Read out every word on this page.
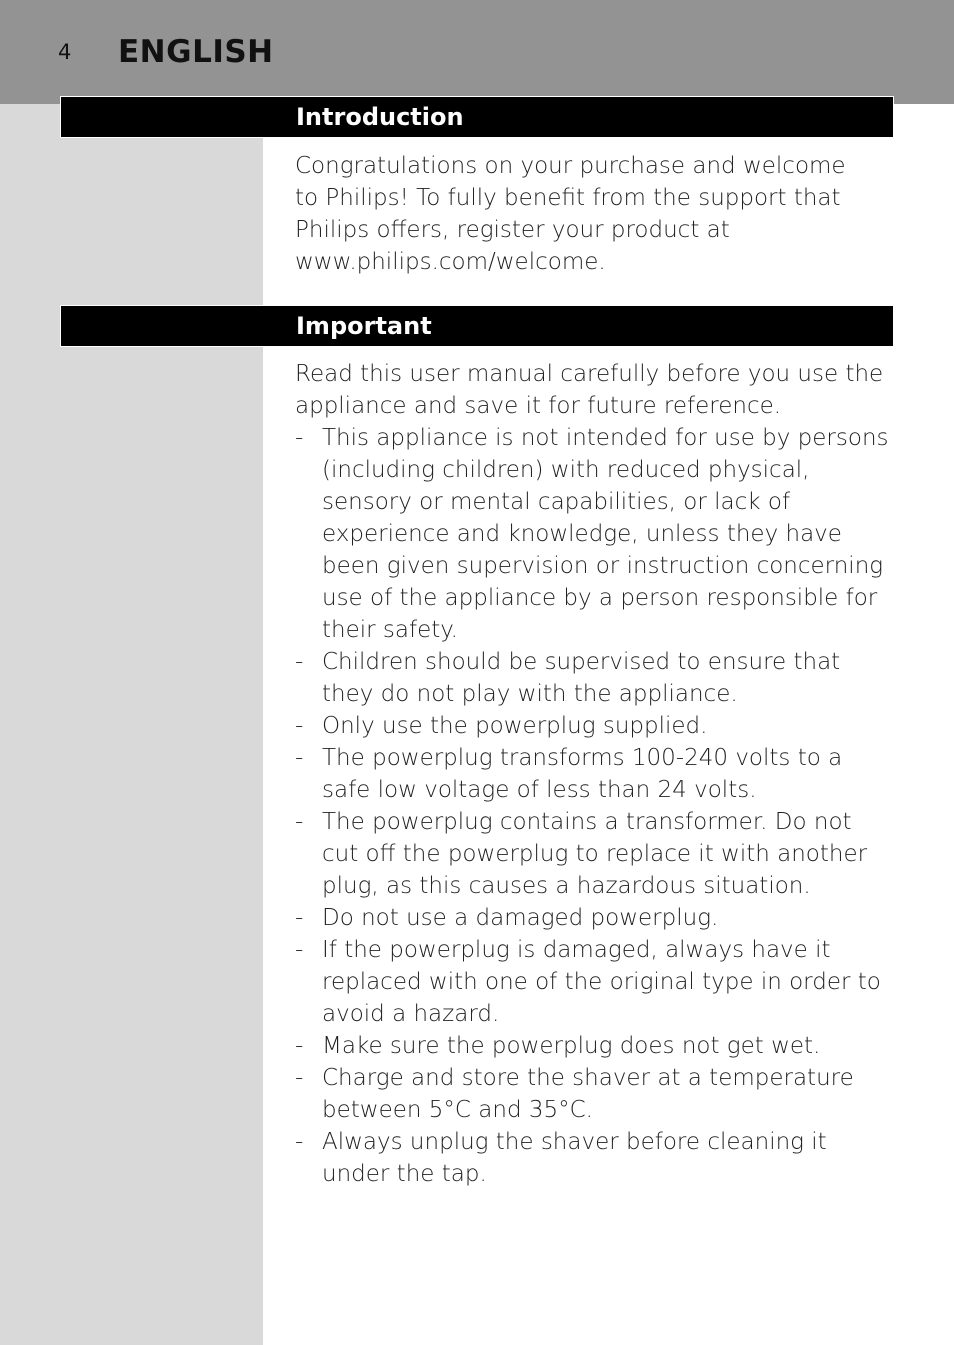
4 ENGLISH
Introduction
Congratulations on your purchase and welcome to Philips! To fully benefit from the support that Philips offers, register your product at www.philips.com/welcome.
Important

Read this user manual carefully before you use the appliance and save it for future reference.

- This appliance is not intended for use by persons (including children) with reduced physical, sensory or mental capabilities, or lack of experience and knowledge, unless they have been given supervision or instruction concerning use of the appliance by a person responsible for their safety.
- Children should be supervised to ensure that they do not play with the appliance.
- Only use the powerplug supplied.
- The powerplug transforms 100-240 volts to a safe low voltage of less than 24 volts.
- The powerplug contains a transformer. Do not cut off the powerplug to replace it with another plug, as this causes a hazardous situation.
- Do not use a damaged powerplug.
- If the powerplug is damaged, always have it replaced with one of the original type in order to avoid a hazard.
- Make sure the powerplug does not get wet.
- Charge and store the shaver at a temperature between 5°C and 35°C.
- Always unplug the shaver before cleaning it under the tap.
